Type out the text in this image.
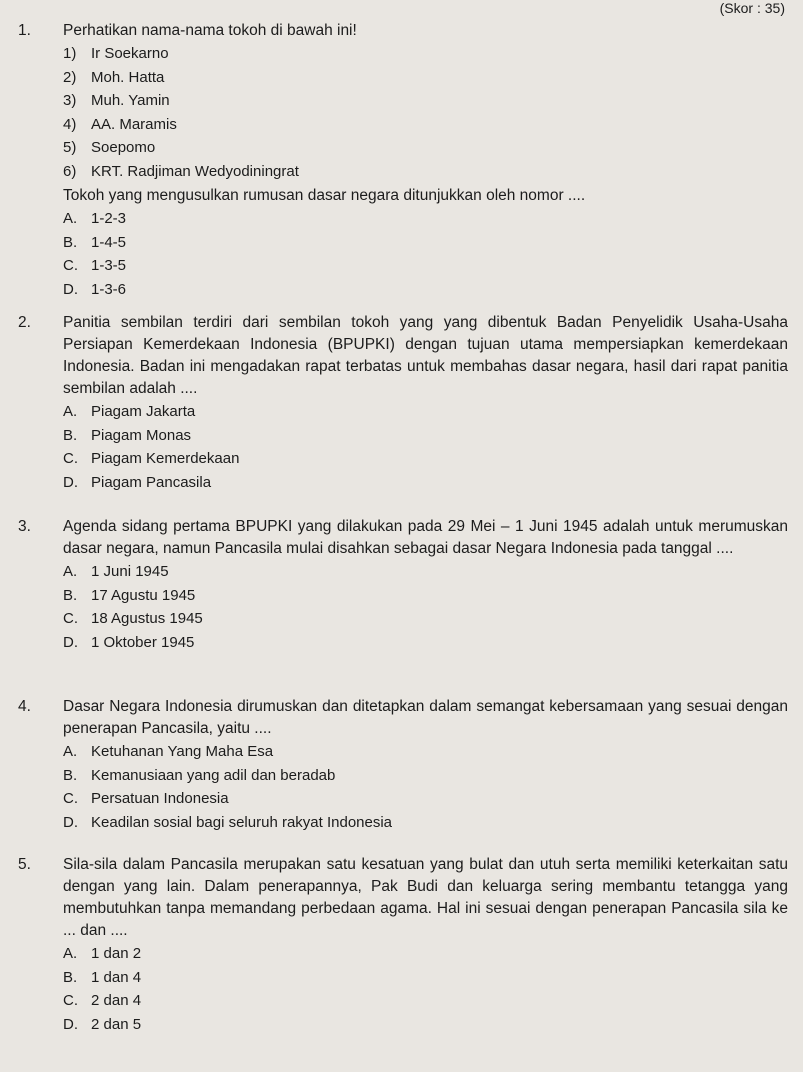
(Skor : 35)
1.	Perhatikan nama-nama tokoh di bawah ini!
1) Ir Soekarno
2) Moh. Hatta
3) Muh. Yamin
4) AA. Maramis
5) Soepomo
6) KRT. Radjiman Wedyodiningrat
Tokoh yang mengusulkan rumusan dasar negara ditunjukkan oleh nomor ....
A. 1-2-3
B. 1-4-5
C. 1-3-5
D. 1-3-6
2.	Panitia sembilan terdiri dari sembilan tokoh yang yang dibentuk Badan Penyelidik Usaha-Usaha Persiapan Kemerdekaan Indonesia (BPUPKI) dengan tujuan utama mempersiapkan kemerdekaan Indonesia. Badan ini mengadakan rapat terbatas untuk membahas dasar negara, hasil dari rapat panitia sembilan adalah ....
A. Piagam Jakarta
B. Piagam Monas
C. Piagam Kemerdekaan
D. Piagam Pancasila
3.	Agenda sidang pertama BPUPKI yang dilakukan pada 29 Mei – 1 Juni 1945 adalah untuk merumuskan dasar negara, namun Pancasila mulai disahkan sebagai dasar Negara Indonesia pada tanggal ....
A. 1 Juni 1945
B. 17 Agustu 1945
C. 18 Agustus 1945
D. 1 Oktober 1945
4.	Dasar Negara Indonesia dirumuskan dan ditetapkan dalam semangat kebersamaan yang sesuai dengan penerapan Pancasila, yaitu ....
A. Ketuhanan Yang Maha Esa
B. Kemanusiaan yang adil dan beradab
C. Persatuan Indonesia
D. Keadilan sosial bagi seluruh rakyat Indonesia
5.	Sila-sila dalam Pancasila merupakan satu kesatuan yang bulat dan utuh serta memiliki keterkaitan satu dengan yang lain. Dalam penerapannya, Pak Budi dan keluarga sering membantu tetangga yang membutuhkan tanpa memandang perbedaan agama. Hal ini sesuai dengan penerapan Pancasila sila ke ... dan ....
A. 1 dan 2
B. 1 dan 4
C. 2 dan 4
D. 2 dan 5
